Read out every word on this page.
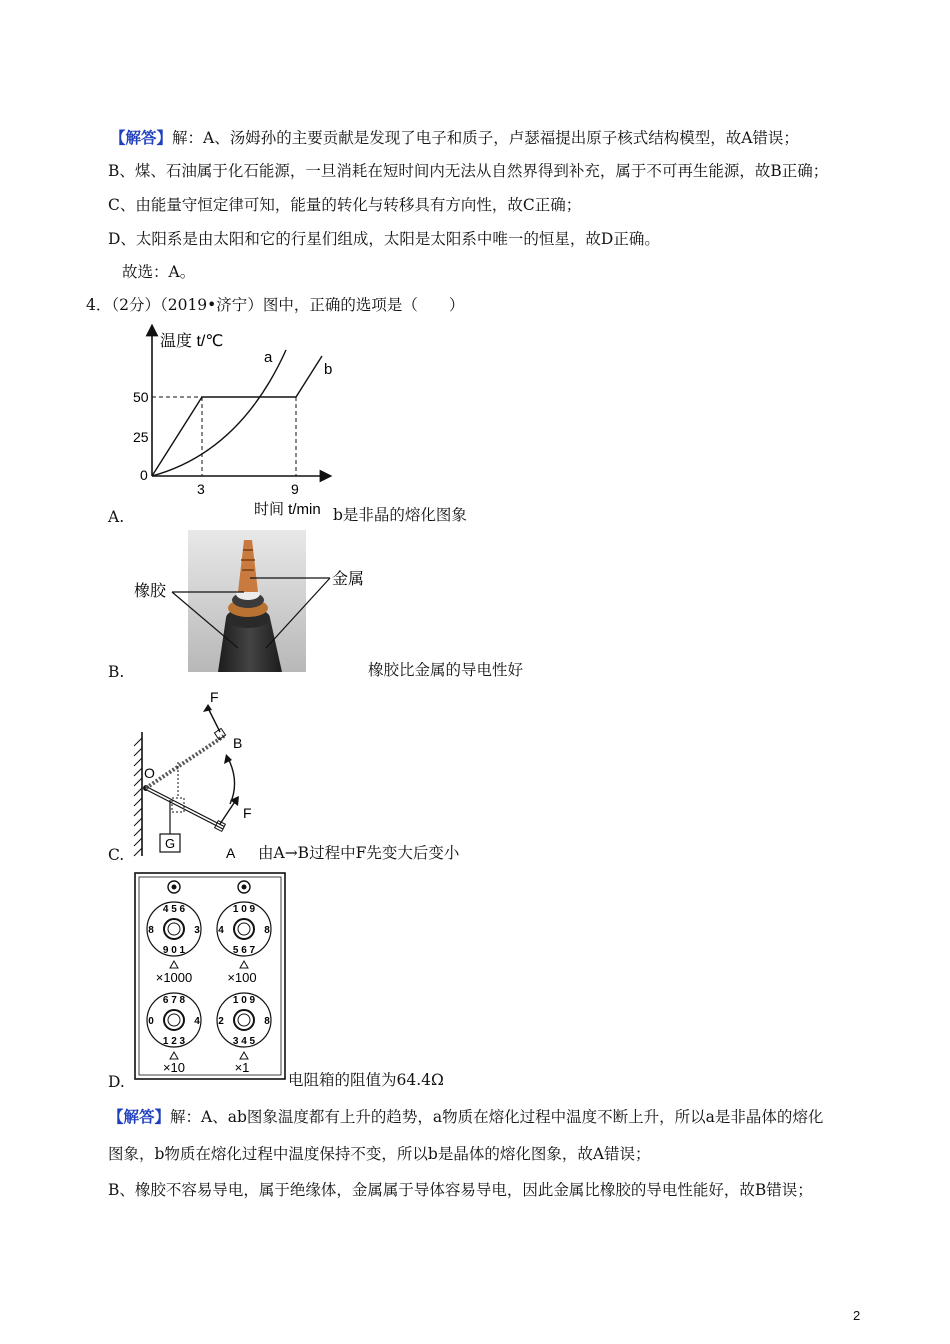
【解答】解：A、汤姆孙的主要贡献是发现了电子和质子，卢瑟福提出原子核式结构模型，故A错误；
B、煤、石油属于化石能源，一旦消耗在短时间内无法从自然界得到补充，属于不可再生能源，故B正确；
C、由能量守恒定律可知，能量的转化与转移具有方向性，故C正确；
D、太阳系是由太阳和它的行星们组成，太阳是太阳系中唯一的恒星，故D正确。
故选：A。
4．（2分）（2019•济宁）图中，正确的选项是（　　）
温度 t/℃
时间 t/min
0
25
50
3	9
a
b
A.	b是非晶的熔化图象
橡胶
金属
B.	橡胶比金属的导电性好
F
B
O
F
G
A
C.	由A→B过程中F先变大后变小
4 5 6
9 0 1
8	3
1 0 9
5 6 7
4	8
6 7 8
1 2 3
0	4
1 0 9
3 4 5
2	8
×1000	×100
×10	×1
D.	电阻箱的阻值为64.4Ω
【解答】解：A、ab图象温度都有上升的趋势，a物质在熔化过程中温度不断上升，所以a是非晶体的熔化
图象，b物质在熔化过程中温度保持不变，所以b是晶体的熔化图象，故A错误；
B、橡胶不容易导电，属于绝缘体，金属属于导体容易导电，因此金属比橡胶的导电性能好，故B错误；
2
